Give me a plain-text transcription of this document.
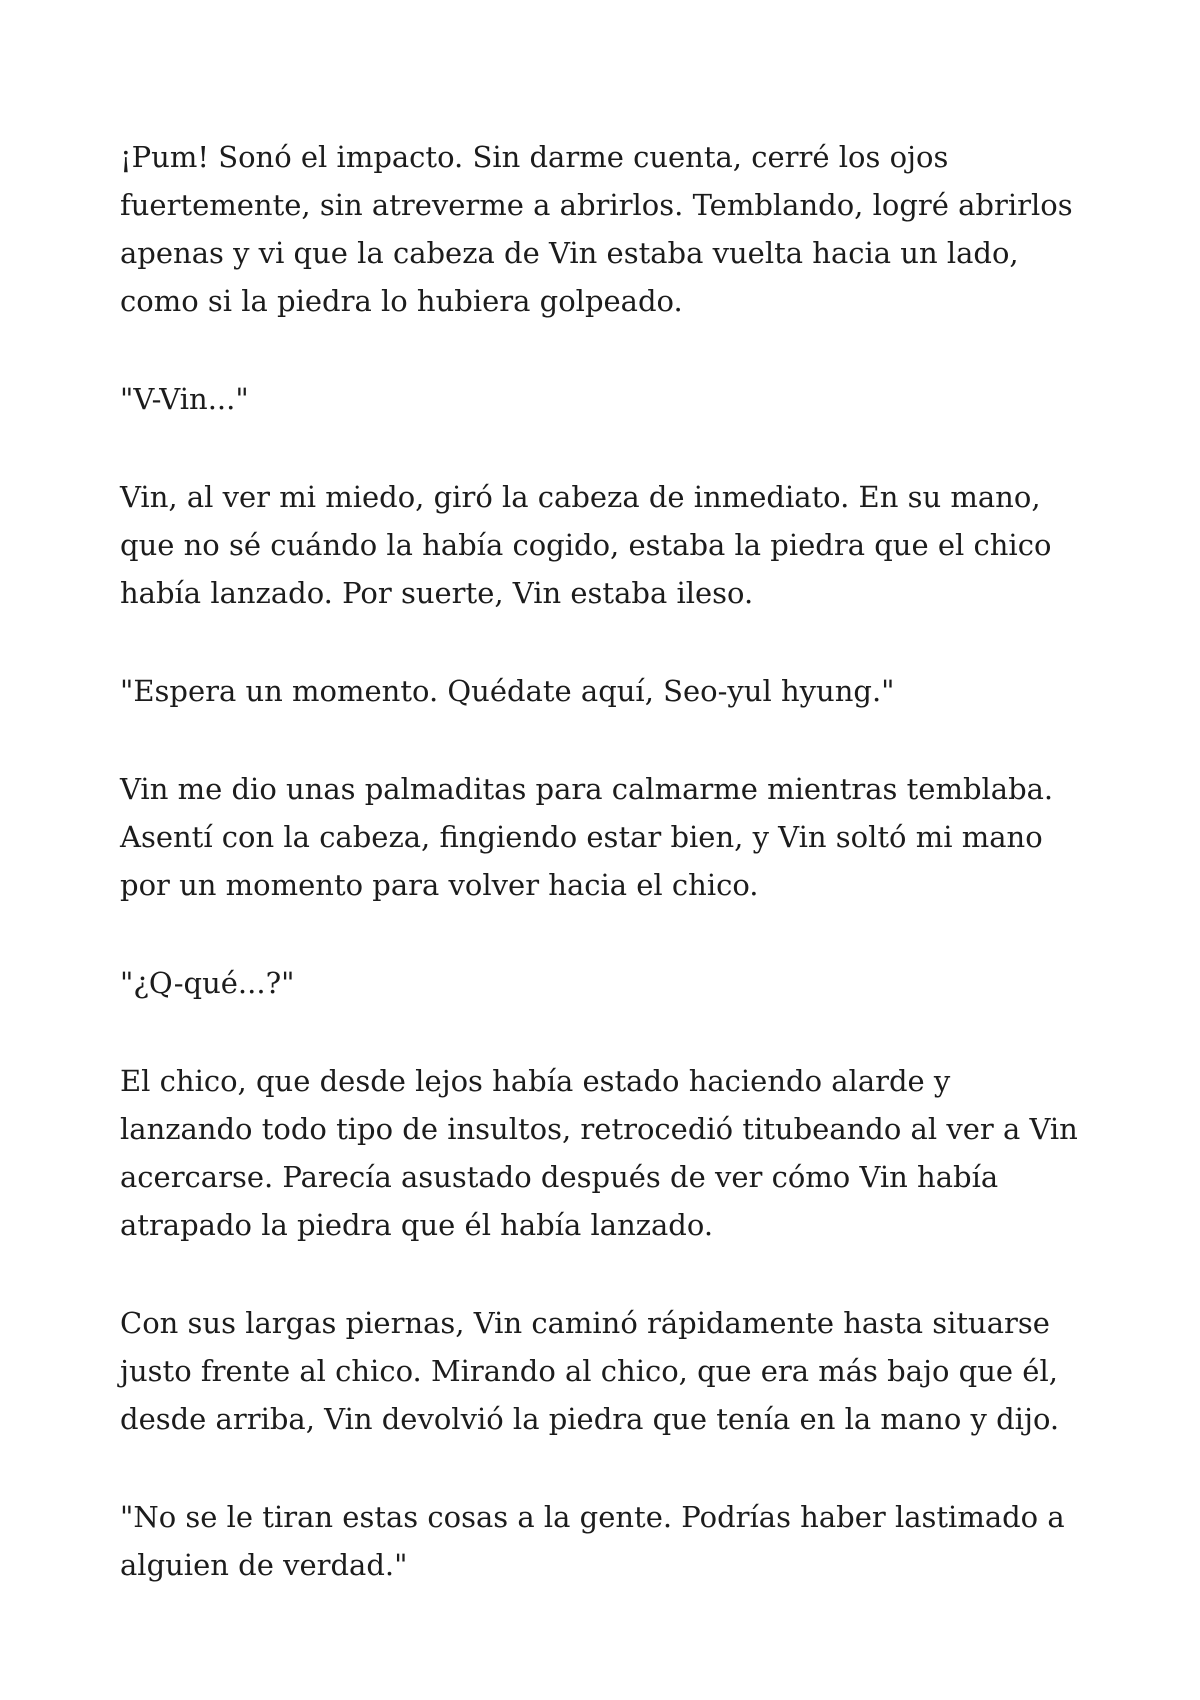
¡Pum! Sonó el impacto. Sin darme cuenta, cerré los ojos fuertemente, sin atreverme a abrirlos. Temblando, logré abrirlos apenas y vi que la cabeza de Vin estaba vuelta hacia un lado, como si la piedra lo hubiera golpeado.

"V-Vin..."

Vin, al ver mi miedo, giró la cabeza de inmediato. En su mano, que no sé cuándo la había cogido, estaba la piedra que el chico había lanzado. Por suerte, Vin estaba ileso.

"Espera un momento. Quédate aquí, Seo-yul hyung."

Vin me dio unas palmaditas para calmarme mientras temblaba. Asentí con la cabeza, fingiendo estar bien, y Vin soltó mi mano por un momento para volver hacia el chico.

"¿Q-qué...?"

El chico, que desde lejos había estado haciendo alarde y lanzando todo tipo de insultos, retrocedió titubeando al ver a Vin acercarse. Parecía asustado después de ver cómo Vin había atrapado la piedra que él había lanzado.

Con sus largas piernas, Vin caminó rápidamente hasta situarse justo frente al chico. Mirando al chico, que era más bajo que él, desde arriba, Vin devolvió la piedra que tenía en la mano y dijo.

"No se le tiran estas cosas a la gente. Podrías haber lastimado a alguien de verdad."
